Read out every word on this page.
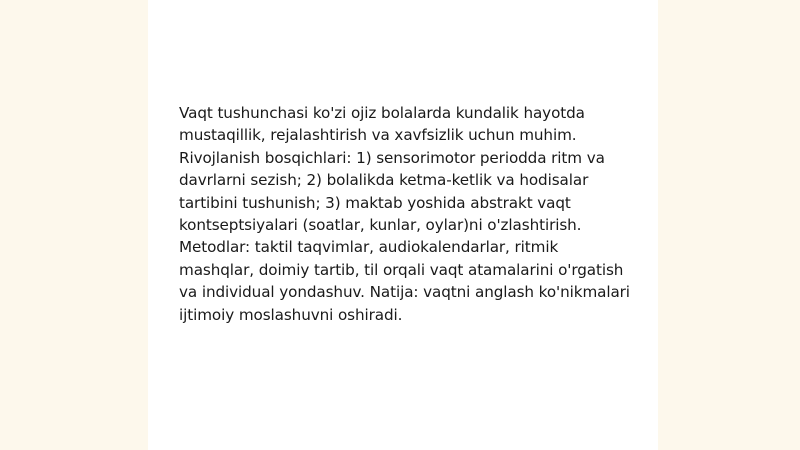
Vaqt tushunchasi ko'zi ojiz bolalarda kundalik hayotda mustaqillik, rejalashtirish va xavfsizlik uchun muhim. Rivojlanish bosqichlari: 1) sensorimotor periodda ritm va davrlarni sezish; 2) bolalikda ketma-ketlik va hodisalar tartibini tushunish; 3) maktab yoshida abstrakt vaqt kontseptsiyalari (soatlar, kunlar, oylar)ni o'zlashtirish. Metodlar: taktil taqvimlar, audiokalendarlar, ritmik mashqlar, doimiy tartib, til orqali vaqt atamalarini o'rgatish va individual yondashuv. Natija: vaqtni anglash ko'nikmalari ijtimoiy moslashuvni oshiradi.
